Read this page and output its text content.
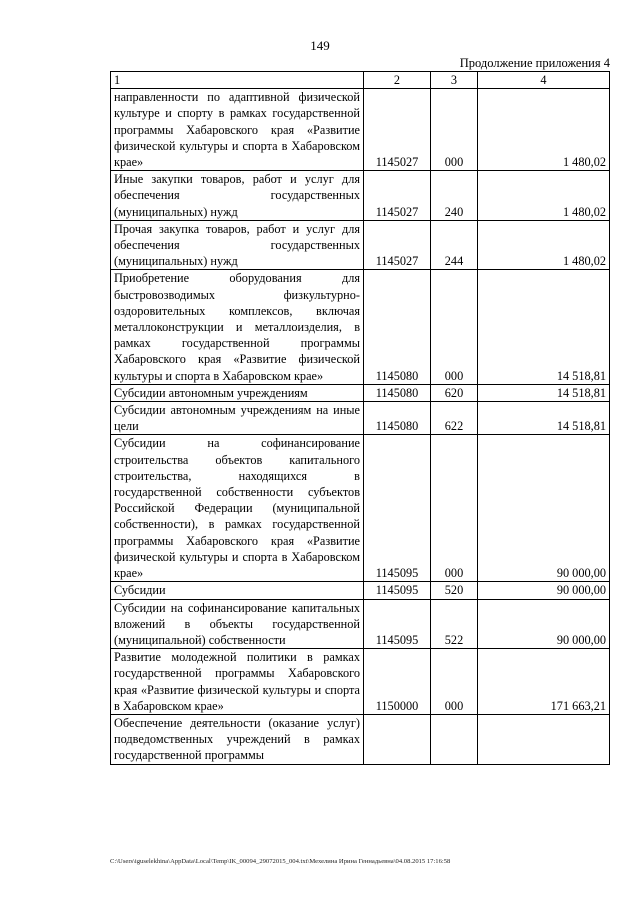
149
Продолжение приложения 4
1	2	3	4
направленности по адаптивной физической культуре и спорту в рамках государственной программы Хабаровского края «Развитие физической культуры и спорта в Хабаровском крае»	1145027	000	1 480,02
Иные закупки товаров, работ и услуг для обеспечения государственных (муниципальных) нужд	1145027	240	1 480,02
Прочая закупка товаров, работ и услуг для обеспечения государственных (муниципальных) нужд	1145027	244	1 480,02
Приобретение оборудования для быстровозводимых физкультурно-оздоровительных комплексов, включая металлоконструкции и металлоизделия, в рамках государственной программы Хабаровского края «Развитие физической культуры и спорта в Хабаровском крае»	1145080	000	14 518,81
Субсидии автономным учреждениям	1145080	620	14 518,81
Субсидии автономным учреждениям на иные цели	1145080	622	14 518,81
Субсидии на софинансирование строительства объектов капитального строительства, находящихся в государственной собственности субъектов Российской Федерации (муниципальной собственности), в рамках государственной программы Хабаровского края «Развитие физической культуры и спорта в Хабаровском крае»	1145095	000	90 000,00
Субсидии	1145095	520	90 000,00
Субсидии на софинансирование капитальных вложений в объекты государственной (муниципальной) собственности	1145095	522	90 000,00
Развитие молодежной политики в рамках государственной программы Хабаровского края «Развитие физической культуры и спорта в Хабаровском крае»	1150000	000	171 663,21
Обеспечение деятельности (оказание услуг) подведомственных учреждений в рамках государственной программы			
C:\Users\iguselekhina\AppData\Local\Temp\IK_00094_29072015_004.txt\Мехелина Ирина Геннадьевна\04.08.2015 17:16:58
